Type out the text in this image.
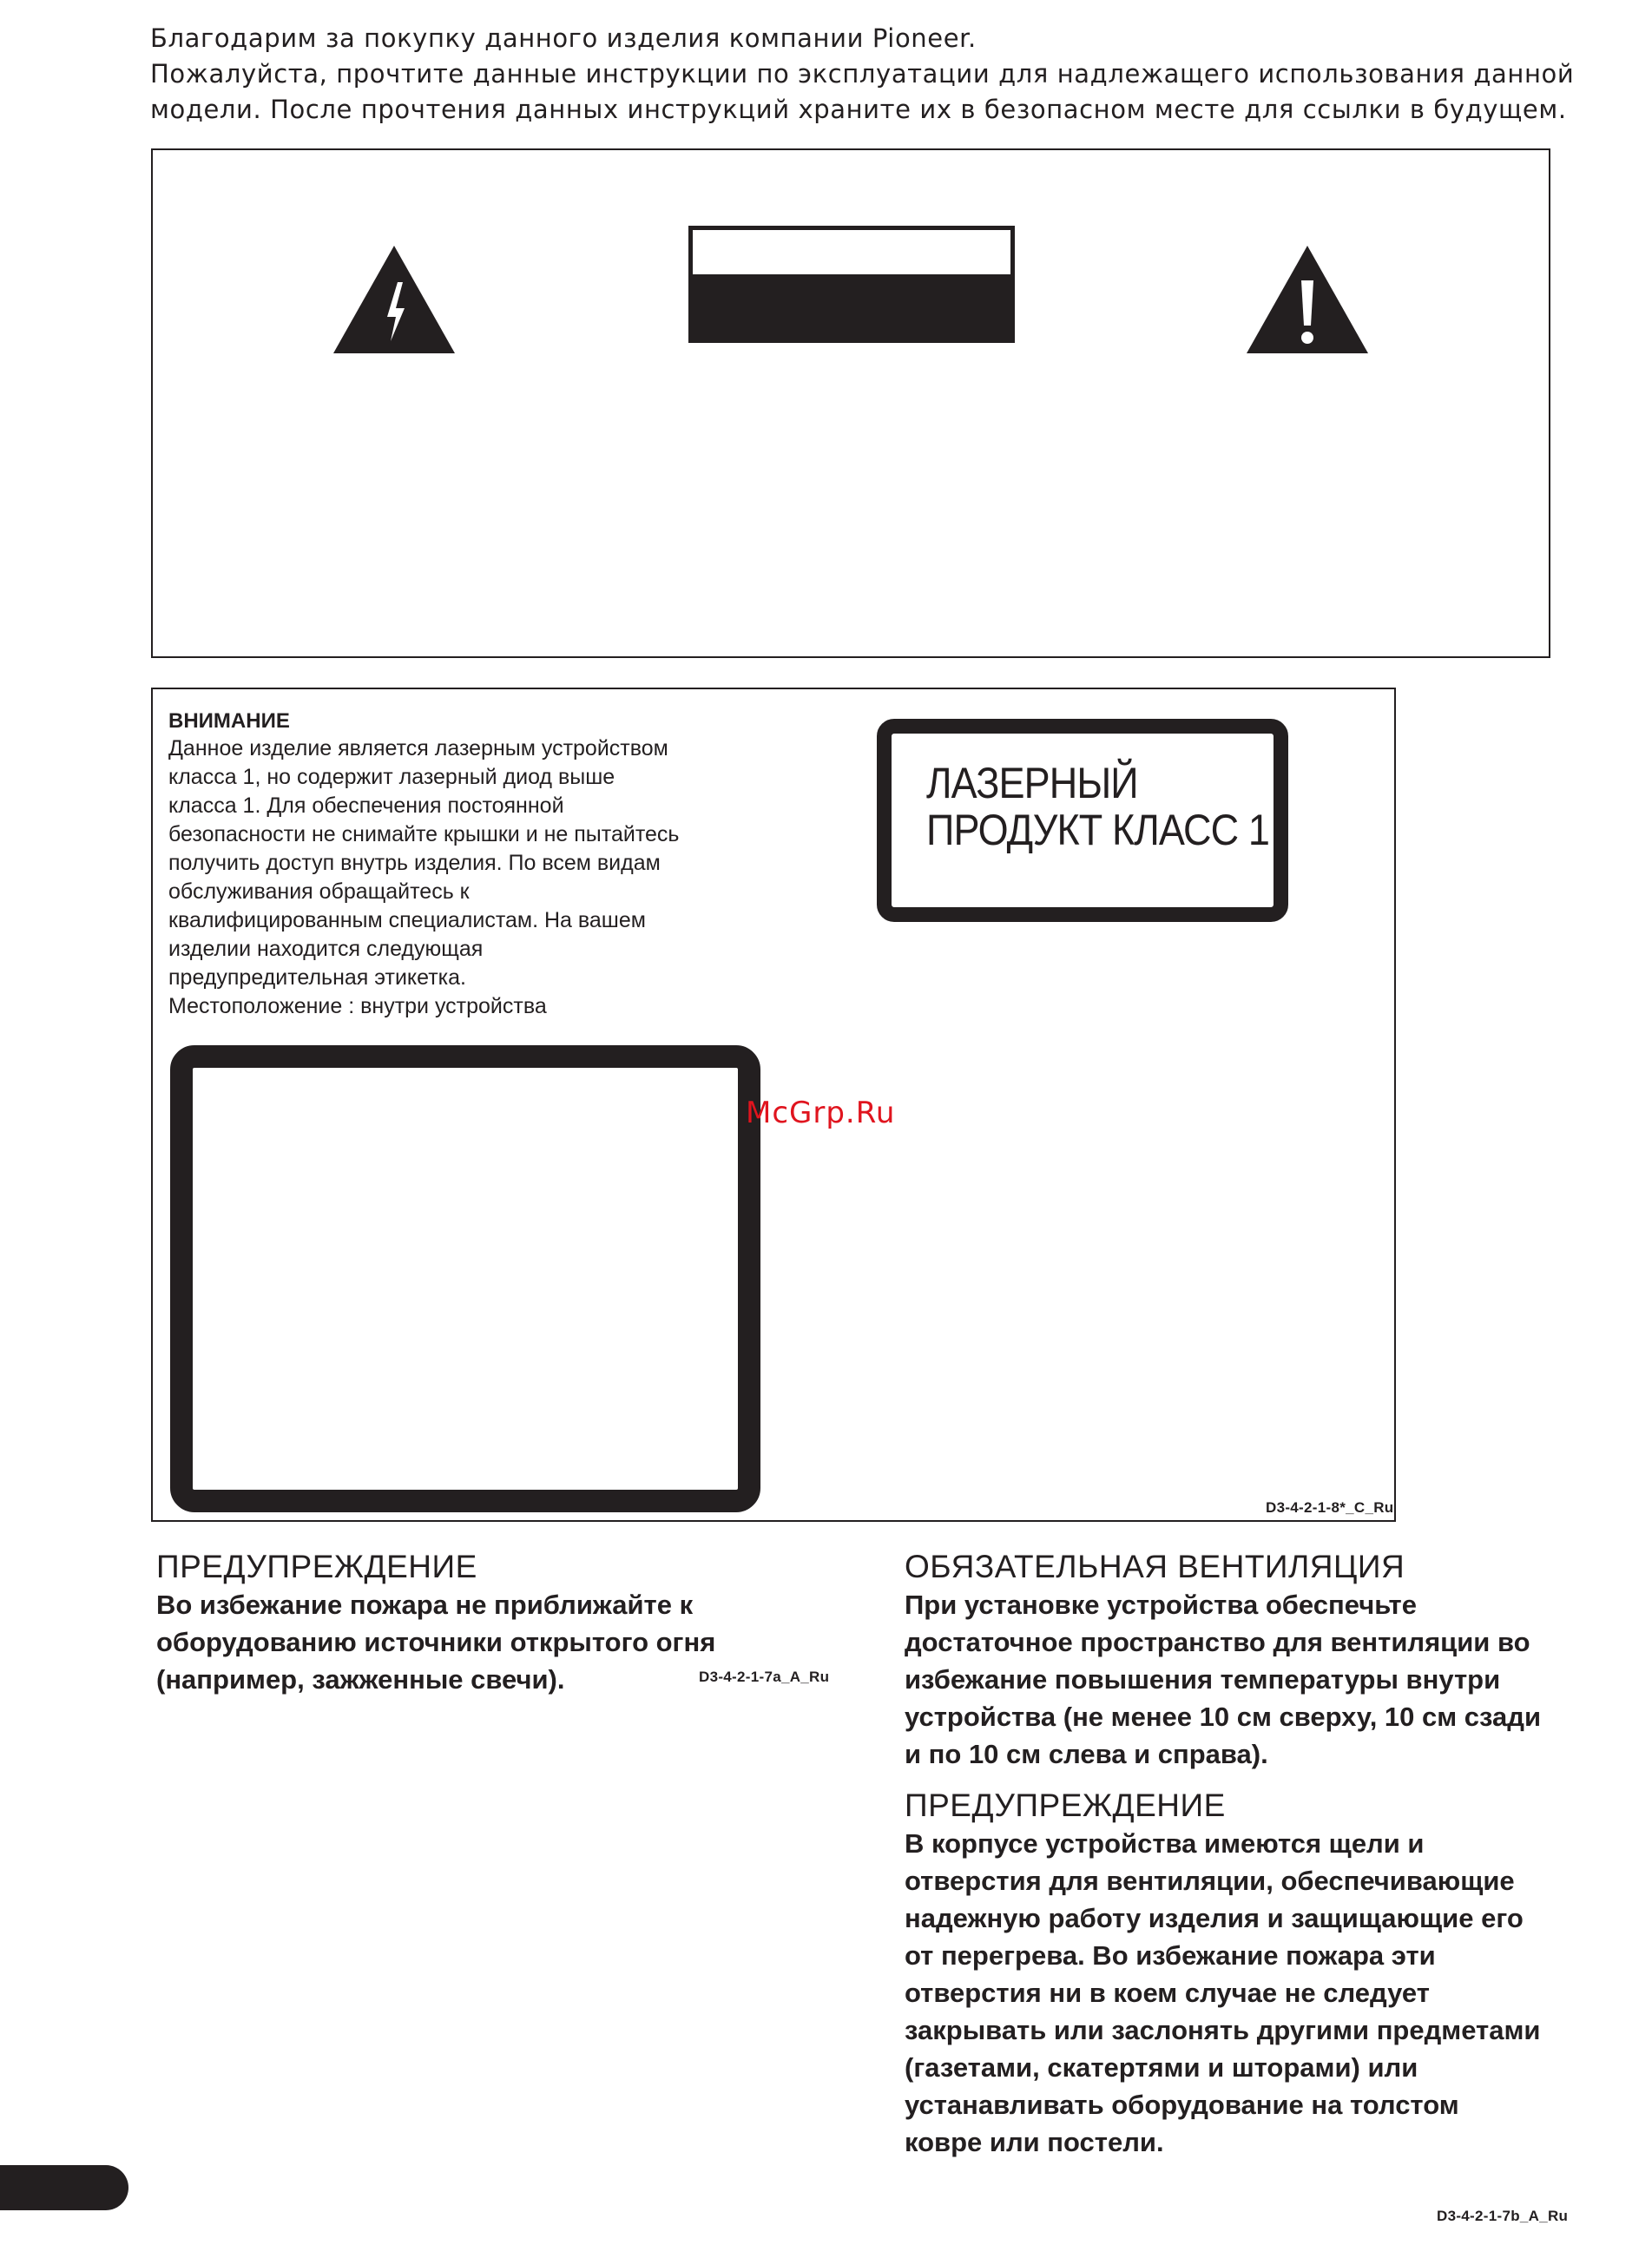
Благодарим за покупку данного изделия компании Pioneer.
Пожалуйста, прочтите данные инструкции по эксплуатации для надлежащего использования данной
модели. После прочтения данных инструкций храните их в безопасном месте для ссылки в будущем.
ВНИМАНИЕ
Данное изделие является лазерным устройством
класса 1, но содержит лазерный диод выше
класса 1. Для обеспечения постоянной
безопасности не снимайте крышки и не пытайтесь
получить доступ внутрь изделия. По всем видам
обслуживания обращайтесь к
квалифицированным специалистам. На вашем
изделии находится следующая
предупредительная этикетка.
Местоположение : внутри устройства
ЛАЗЕРНЫЙ
ПРОДУКТ КЛАСС 1
McGrp.Ru
D3-4-2-1-8*_C_Ru
ПРЕДУПРЕЖДЕНИЕ
Во избежание пожара не приближайте к
оборудованию источники открытого огня
(например, зажженные свечи).	D3-4-2-1-7a_A_Ru
ОБЯЗАТЕЛЬНАЯ ВЕНТИЛЯЦИЯ
При установке устройства обеспечьте
достаточное пространство для вентиляции во
избежание повышения температуры внутри
устройства (не менее 10 см сверху, 10 см сзади
и по 10 см слева и справа).
ПРЕДУПРЕЖДЕНИЕ
В корпусе устройства имеются щели и
отверстия для вентиляции, обеспечивающие
надежную работу изделия и защищающие его
от перегрева. Во избежание пожара эти
отверстия ни в коем случае не следует
закрывать или заслонять другими предметами
(газетами, скатертями и шторами) или
устанавливать оборудование на толстом
ковре или постели.
D3-4-2-1-7b_A_Ru
